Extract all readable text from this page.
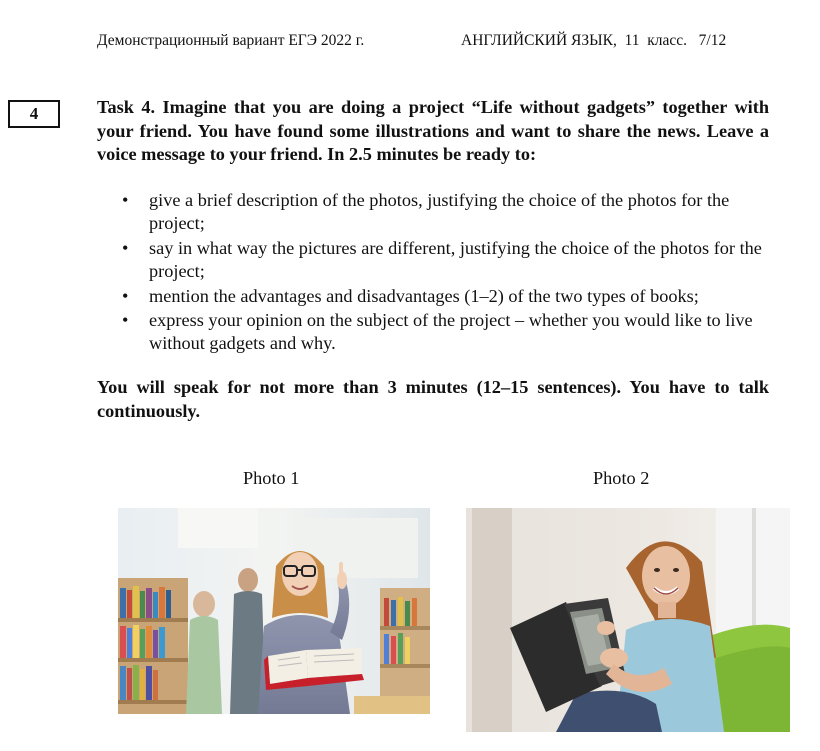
Демонстрационный вариант ЕГЭ 2022 г.	АНГЛИЙСКИЙ ЯЗЫК,  11  класс.   7/12
4	Task 4. Imagine that you are doing a project “Life without gadgets” together with your friend. You have found some illustrations and want to share the news. Leave a voice message to your friend. In 2.5 minutes be ready to:
• give a brief description of the photos, justifying the choice of the photos for the project;
• say in what way the pictures are different, justifying the choice of the photos for the project;
• mention the advantages and disadvantages (1–2) of the two types of books;
• express your opinion on the subject of the project – whether you would like to live without gadgets and why.
You will speak for not more than 3 minutes (12–15 sentences). You have to talk continuously.
Photo 1	Photo 2
